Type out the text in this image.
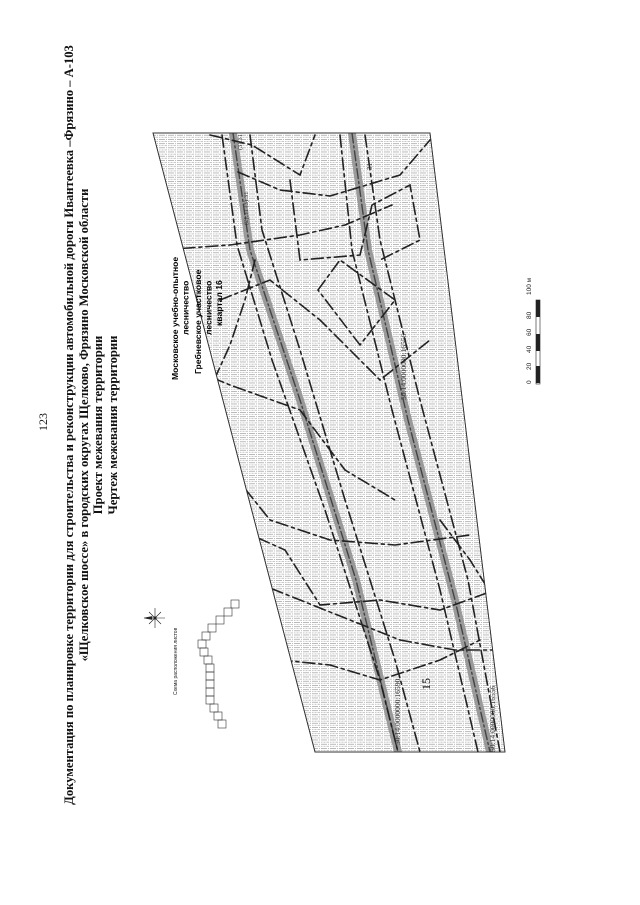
123 Документация по планировке территории для строительства и реконструкции автомобильной дороги Ивантеевка –Фрязино – А-103 «Щелковское шоссе» в городских округах Щелково, Фрязино Московской области Проект межевания территории Чертеж межевания территории
Московское учебно-опытное лесничество Гребневское участковое лесничество квартал 16
15
50:14:0000000:16590	50:14:0000000:16556
50:14:0000000:16556
31
(2):31 (3):31
(3):31
Схема расположения листов
0
20
40
60
80
100 м
